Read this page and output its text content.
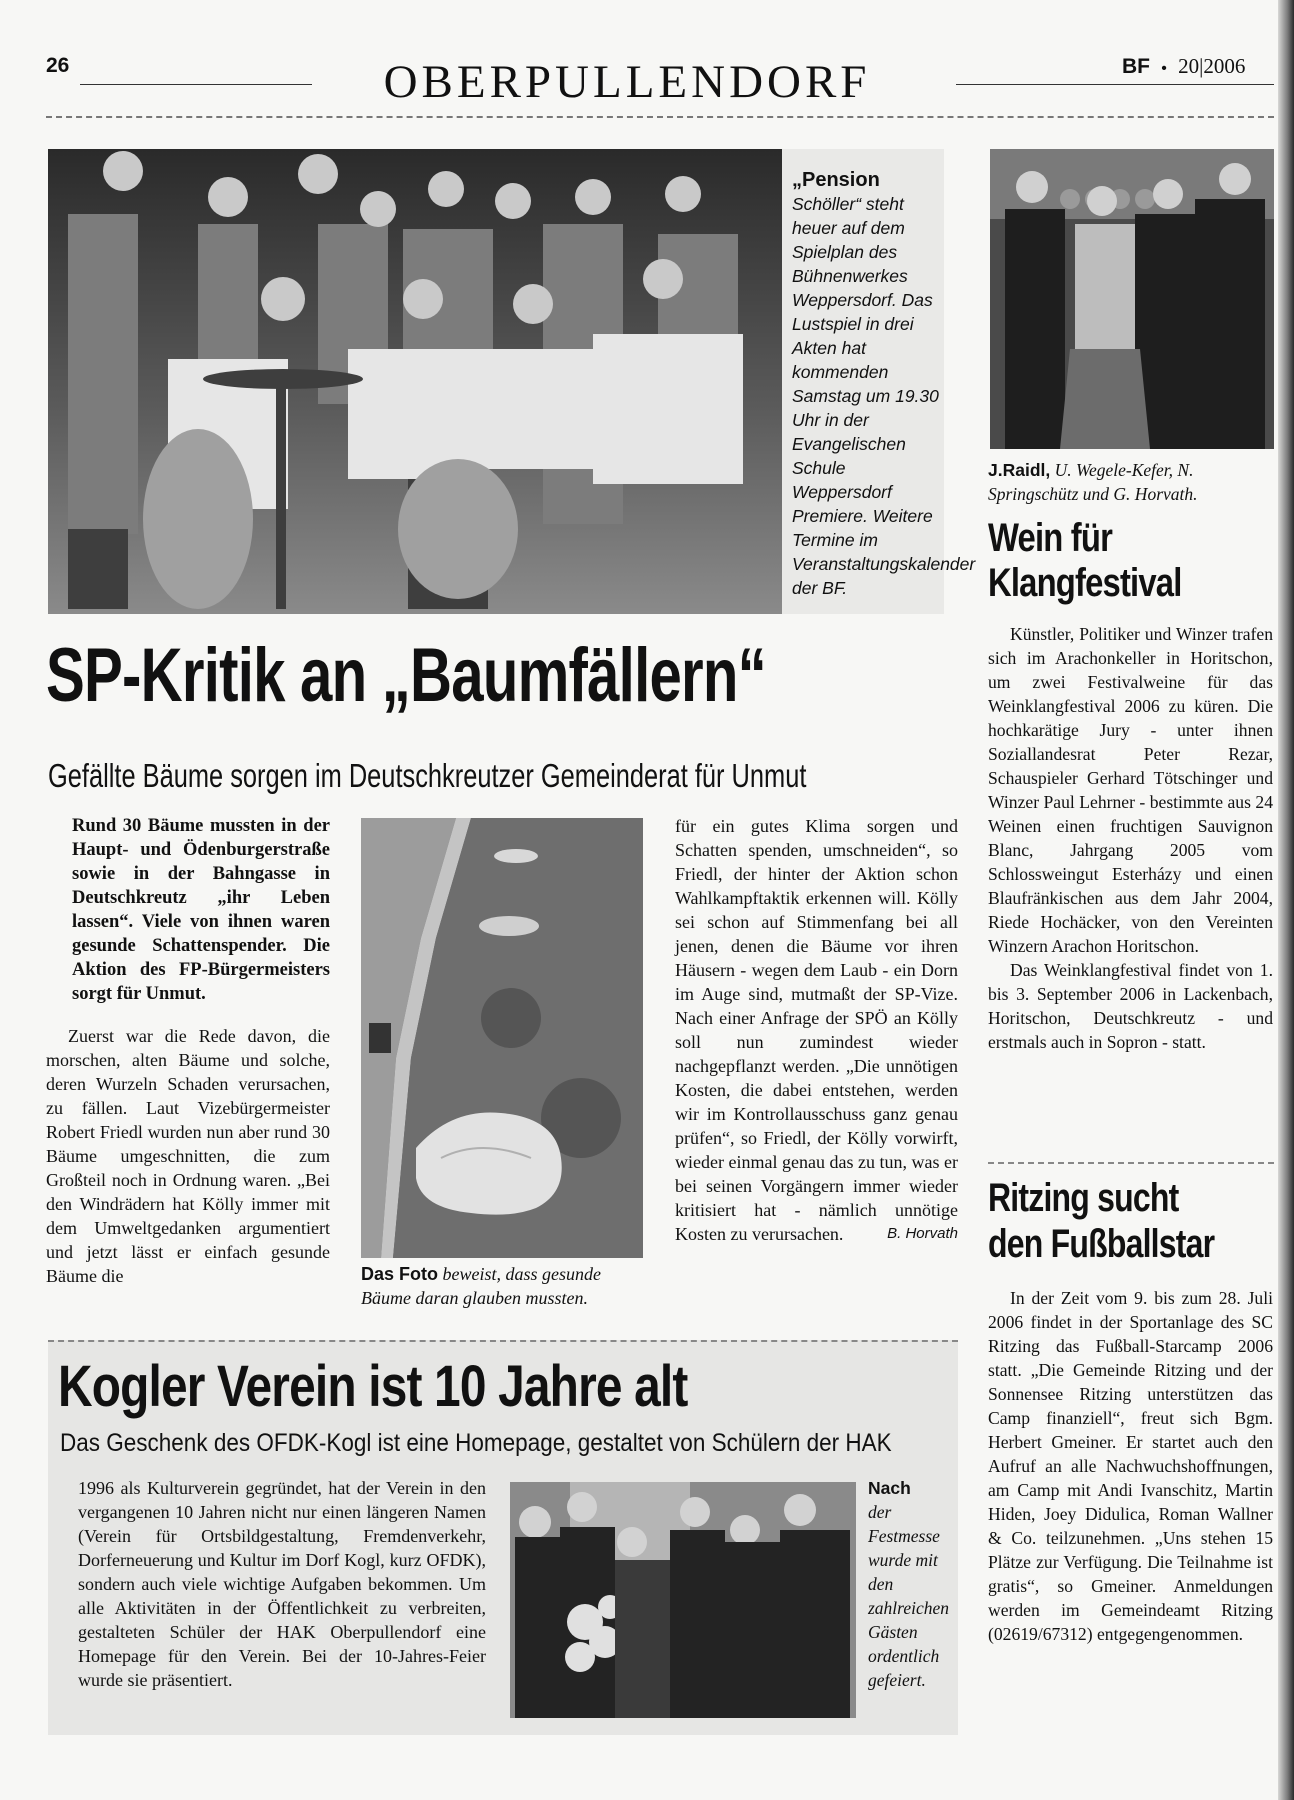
26	OBERPULLENDORF	BF • 20|2006
„Pension
Schöller“ steht heuer auf dem Spielplan des Bühnenwerkes Weppersdorf. Das Lustspiel in drei Akten hat kommenden Samstag um 19.30 Uhr in der Evangelischen Schule Weppersdorf Premiere. Weitere Termine im Veranstaltungskalender der BF.
J.Raidl, U. Wegele-Kefer, N. Springschütz und G. Horvath.
Wein für
Klangfestival

Künstler, Politiker und Winzer trafen sich im Arachonkeller in Horitschon, um zwei Festivalweine für das Weinklangfestival 2006 zu küren. Die hochkarätige Jury - unter ihnen Soziallandesrat Peter Rezar, Schauspieler Gerhard Tötschinger und Winzer Paul Lehrner - bestimmte aus 24 Weinen einen fruchtigen Sauvignon Blanc, Jahrgang 2005 vom Schlossweingut Esterházy und einen Blaufränkischen aus dem Jahr 2004, Riede Hochäcker, von den Vereinten Winzern Arachon Horitschon.

Das Weinklangfestival findet von 1. bis 3. September 2006 in Lackenbach, Horitschon, Deutschkreutz - und erstmals auch in Sopron - statt.

Ritzing sucht
den Fußballstar

In der Zeit vom 9. bis zum 28. Juli 2006 findet in der Sportanlage des SC Ritzing das Fußball-Starcamp 2006 statt. „Die Gemeinde Ritzing und der Sonnensee Ritzing unterstützen das Camp finanziell“, freut sich Bgm. Herbert Gmeiner. Er startet auch den Aufruf an alle Nachwuchshoffnungen, am Camp mit Andi Ivanschitz, Martin Hiden, Joey Didulica, Roman Wallner & Co. teilzunehmen. „Uns stehen 15 Plätze zur Verfügung. Die Teilnahme ist gratis“, so Gmeiner. Anmeldungen werden im Gemeindeamt Ritzing (02619/67312) entgegengenommen.

SP-Kritik an „Baumfällern“
Gefällte Bäume sorgen im Deutschkreutzer Gemeinderat für Unmut
Rund 30 Bäume mussten in der Haupt- und Ödenburgerstraße sowie in der Bahngasse in Deutschkreutz „ihr Leben lassen“. Viele von ihnen waren gesunde Schattenspender. Die Aktion des FP-Bürgermeisters sorgt für Unmut.

Zuerst war die Rede davon, die morschen, alten Bäume und solche, deren Wurzeln Schaden verursachen, zu fällen. Laut Vizebürgermeister Robert Friedl wurden nun aber rund 30 Bäume umgeschnitten, die zum Großteil noch in Ordnung waren. „Bei den Windrädern hat Kölly immer mit dem Umweltgedanken argumentiert und jetzt lässt er einfach gesunde Bäume die	Das Foto beweist, dass gesunde Bäume daran glauben mussten.

für ein gutes Klima sorgen und Schatten spenden, umschneiden“, so Friedl, der hinter der Aktion schon Wahlkampftaktik erkennen will. Kölly sei schon auf Stimmenfang bei all jenen, denen die Bäume vor ihren Häusern - wegen dem Laub - ein Dorn im Auge sind, mutmaßt der SP-Vize. Nach einer Anfrage der SPÖ an Kölly soll nun zumindest wieder nachgepflanzt werden. „Die unnötigen Kosten, die dabei entstehen, werden wir im Kontrollausschuss ganz genau prüfen“, so Friedl, der Kölly vorwirft, wieder einmal genau das zu tun, was er bei seinen Vorgängern immer wieder kritisiert hat - nämlich unnötige Kosten zu verursachen.	B. Horvath
Kogler Verein ist 10 Jahre alt
Das Geschenk des OFDK-Kogl ist eine Homepage, gestaltet von Schülern der HAK

1996 als Kulturverein gegründet, hat der Verein in den vergangenen 10 Jahren nicht nur einen längeren Namen (Verein für Ortsbildgestaltung, Fremdenverkehr, Dorferneuerung und Kultur im Dorf Kogl, kurz OFDK), sondern auch viele wichtige Aufgaben bekommen. Um alle Aktivitäten in der Öffentlichkeit zu verbreiten, gestalteten Schüler der HAK Oberpullendorf eine Homepage für den Verein. Bei der 10-Jahres-Feier wurde sie präsentiert.

Nach
der Festmesse wurde mit den zahlreichen Gästen ordentlich gefeiert.
